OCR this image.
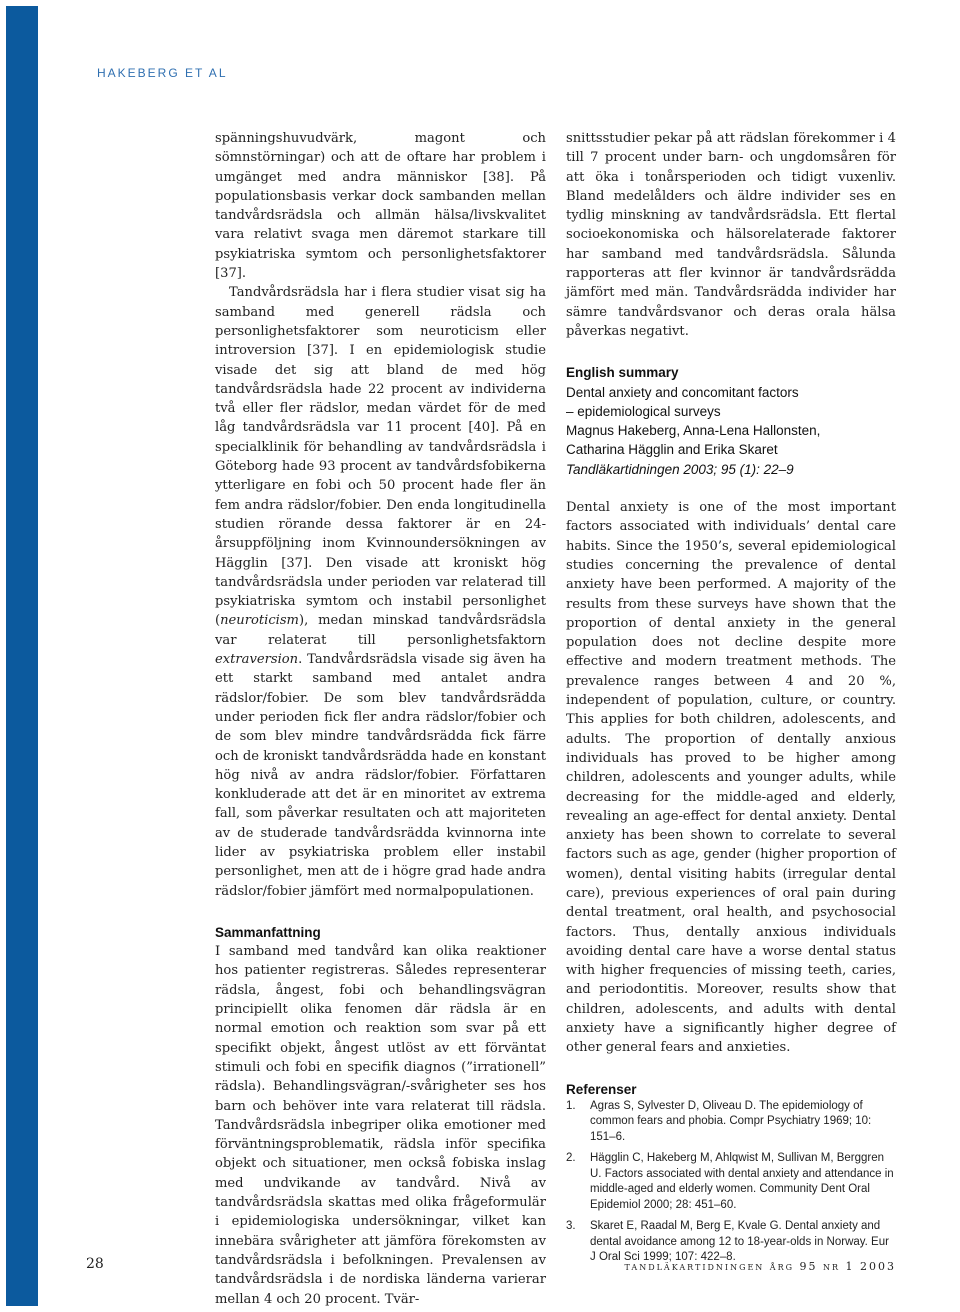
HAKEBERG ET AL

spänningshuvudvärk, magont och sömnstörningar) och att de oftare har problem i umgänget med andra människor [38]. På populationsbasis verkar dock sambanden mellan tandvårdsrädsla och allmän hälsa/livskvalitet vara relativt svaga men däremot starkare till psykiatriska symtom och personlighetsfaktorer [37].

Tandvårdsrädsla har i flera studier visat sig ha samband med generell rädsla och personlighetsfaktorer som neuroticism eller introversion [37]. I en epidemiologisk studie visade det sig att bland de med hög tandvårdsrädsla hade 22 procent av individerna två eller fler rädslor, medan värdet för de med låg tandvårdsrädsla var 11 procent [40]. På en specialklinik för behandling av tandvårdsrädsla i Göteborg hade 93 procent av tandvårdsfobikerna ytterligare en fobi och 50 procent hade fler än fem andra rädslor/fobier. Den enda longitudinella studien rörande dessa faktorer är en 24-årsuppföljning inom Kvinnoundersökningen av Hägglin [37]. Den visade att kroniskt hög tandvårdsrädsla under perioden var relaterad till psykiatriska symtom och instabil personlighet (neuroticism), medan minskad tandvårdsrädsla var relaterat till personlighetsfaktorn extraversion. Tandvårdsrädsla visade sig även ha ett starkt samband med antalet andra rädslor/fobier. De som blev tandvårdsrädda under perioden fick fler andra rädslor/fobier och de som blev mindre tandvårdsrädda fick färre och de kroniskt tandvårdsrädda hade en konstant hög nivå av andra rädslor/fobier. Författaren konkluderade att det är en minoritet av extrema fall, som påverkar resultaten och att majoriteten av de studerade tandvårdsrädda kvinnorna inte lider av psykiatriska problem eller instabil personlighet, men att de i högre grad hade andra rädslor/fobier jämfört med normalpopulationen.

Sammanfattning

I samband med tandvård kan olika reaktioner hos patienter registreras. Således representerar rädsla, ångest, fobi och behandlingsvägran principiellt olika fenomen där rädsla är en normal emotion och reaktion som svar på ett specifikt objekt, ångest utlöst av ett förväntat stimuli och fobi en specifik diagnos (”irrationell” rädsla). Behandlingsvägran/-svårigheter ses hos barn och behöver inte vara relaterat till rädsla. Tandvårdsrädsla inbegriper olika emotioner med förväntningsproblematik, rädsla inför specifika objekt och situationer, men också fobiska inslag med undvikande av tandvård. Nivå av tandvårdsrädsla skattas med olika frågeformulär i epidemiologiska undersökningar, vilket kan innebära svårigheter att jämföra förekomsten av tandvårdsrädsla i befolkningen. Prevalensen av tandvårdsrädsla i de nordiska länderna varierar mellan 4 och 20 procent. Tvär-

snittsstudier pekar på att rädslan förekommer i 4 till 7 procent under barn- och ungdomsåren för att öka i tonårsperioden och tidigt vuxenliv. Bland medelålders och äldre individer ses en tydlig minskning av tandvårdsrädsla. Ett flertal socioekonomiska och hälsorelaterade faktorer har samband med tandvårdsrädsla. Sålunda rapporteras att fler kvinnor är tandvårdsrädda jämfört med män. Tandvårdsrädda individer har sämre tandvårdsvanor och deras orala hälsa påverkas negativt.

English summary

Dental anxiety and concomitant factors

– epidemiological surveys

Magnus Hakeberg, Anna-Lena Hallonsten,

Catharina Hägglin and Erika Skaret

Tandläkartidningen 2003; 95 (1): 22–9

Dental anxiety is one of the most important factors associated with individuals’ dental care habits. Since the 1950’s, several epidemiological studies concerning the prevalence of dental anxiety have been performed. A majority of the results from these surveys have shown that the proportion of dental anxiety in the general population does not decline despite more effective and modern treatment methods. The prevalence ranges between 4 and 20 %, independent of population, culture, or country. This applies for both children, adolescents, and adults. The proportion of dentally anxious individuals has proved to be higher among children, adolescents and younger adults, while decreasing for the middle-aged and elderly, revealing an age-effect for dental anxiety. Dental anxiety has been shown to correlate to several factors such as age, gender (higher proportion of women), dental visiting habits (irregular dental care), previous experiences of oral pain during dental treatment, oral health, and psychosocial factors. Thus, dentally anxious individuals avoiding dental care have a worse dental status with higher frequencies of missing teeth, caries, and periodontitis. Moreover, results show that children, adolescents, and adults with dental anxiety have a significantly higher degree of other general fears and anxieties.

Referenser

1. Agras S, Sylvester D, Oliveau D. The epidemiology of common fears and phobia. Compr Psychiatry 1969; 10: 151–6.
2. Hägglin C, Hakeberg M, Ahlqwist M, Sullivan M, Berggren U. Factors associated with dental anxiety and attendance in middle-aged and elderly women. Community Dent Oral Epidemiol 2000; 28: 451–60.
3. Skaret E, Raadal M, Berg E, Kvale G. Dental anxiety and dental avoidance among 12 to 18-year-olds in Norway. Eur J Oral Sci 1999; 107: 422–8.
28	tandläkartidningen årg 95 nr 1 2003
